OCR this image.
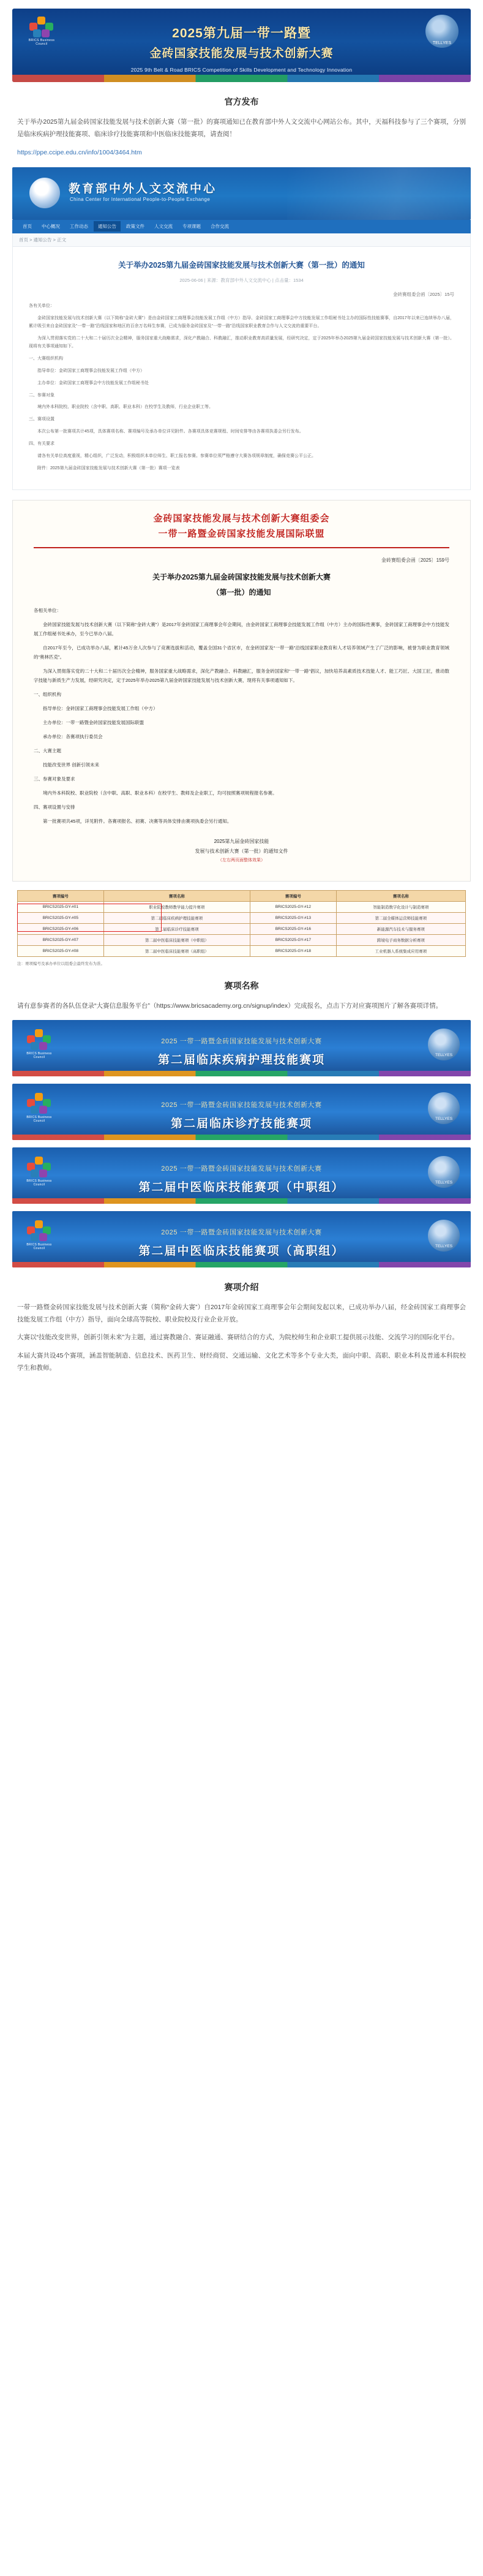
BRICS Business Council	TELLYES
2025第九届一带一路暨
金砖国家技能发展与技术创新大赛
2025 9th Belt & Road BRICS Competition of Skills Development and Technology Innovation
官方发布
关于举办2025第九届金砖国家技能发展与技术创新大赛（第一批）的赛项通知已在教育部中外人文交流中心网站公布。其中，天福科技参与了三个赛项，分别是临床疾病护理技能赛项、临床诊疗技能赛项和中医临床技能赛项，请查阅！
https://ppe.ccipe.edu.cn/info/1004/3464.htm
教育部中外人文交流中心
China Center for International People-to-People Exchange
首页	中心概况	工作动态	通知公告	政策文件	人文交流	专项课题	合作交流
首页 > 通知公告 > 正文
关于举办2025第九届金砖国家技能发展与技术创新大赛（第一批）的通知
2025-06-06 | 来源：教育部中外人文交流中心 | 点击量：1534
金砖赛组委会函〔2025〕15号

各有关单位：

金砖国家技能发展与技术创新大赛（以下简称“金砖大赛”）是由金砖国家工商理事会技能发展工作组（中方）指导、金砖国家工商理事会中方技能发展工作组秘书处主办的国际性技能赛事，自2017年以来已连续举办八届，累计吸引来自金砖国家及“一带一路”沿线国家和地区的百余万名师生参赛，已成为服务金砖国家及“一带一路”沿线国家职业教育合作与人文交流的重要平台。

为深入贯彻落实党的二十大和二十届历次全会精神，服务国家重大战略需求，深化产教融合、科教融汇，推动职业教育高质量发展，经研究决定，定于2025年举办2025第九届金砖国家技能发展与技术创新大赛（第一批）。现将有关事项通知如下。

一、大赛组织机构

指导单位：金砖国家工商理事会技能发展工作组（中方）

主办单位：金砖国家工商理事会中方技能发展工作组秘书处

二、参赛对象

境内外本科院校、职业院校（含中职、高职、职业本科）在校学生及教师，行业企业职工等。

三、赛项设置

本次公布第一批赛项共计45项，具体赛项名称、赛项编号及承办单位详见附件。各赛项具体竞赛规程、时间安排等由各赛项执委会另行发布。

四、有关要求

请各有关单位高度重视，精心组织，广泛发动，积极组织本单位师生、职工报名参赛。参赛单位须严格遵守大赛各项规章制度，确保竞赛公平公正。

附件：2025第九届金砖国家技能发展与技术创新大赛（第一批）赛项一览表

金砖国家技能发展与技术创新大赛组委会
一带一路暨金砖国家技能发展国际联盟
金砖赛组委会函〔2025〕159号
关于举办2025第九届金砖国家技能发展与技术创新大赛
（第一批）的通知

各相关单位：

金砖国家技能发展与技术创新大赛（以下简称“金砖大赛”）是2017年金砖国家工商理事会年会期间，由金砖国家工商理事会技能发展工作组（中方）主办的国际性赛事，金砖国家工商理事会中方技能发展工作组秘书处承办，至今已举办八届。

自2017年至今，已成功举办八届，累计45万余人次参与了竞赛选拔和活动，覆盖全国31个省区市，在金砖国家及“一带一路”沿线国家职业教育和人才培养领域产生了广泛的影响，被誉为职业教育领域的“奥林匹克”。

为深入贯彻落实党的二十大和二十届历次全会精神，服务国家重大战略需求，深化产教融合、科教融汇，服务金砖国家和“一带一路”倡议，加快培养高素质技术技能人才、能工巧匠、大国工匠，推动数字技能与新质生产力发展，经研究决定，定于2025年举办2025第九届金砖国家技能发展与技术创新大赛，现将有关事项通知如下。

一、组织机构

指导单位：金砖国家工商理事会技能发展工作组（中方）

主办单位：一带一路暨金砖国家技能发展国际联盟

承办单位：各赛项执行委员会

二、大赛主题

技能改变世界 创新引领未来

三、参赛对象及要求

境内外本科院校、职业院校（含中职、高职、职业本科）在校学生、教师及企业职工，均可按照赛项规程报名参赛。

四、赛项设置与安排

第一批赛项共45项，详见附件。各赛项报名、初赛、决赛等具体安排由赛项执委会另行通知。

2025第九届金砖国家技能
发展与技术创新大赛（第一批）的通知文件
（左右两页面整体效果）
赛项编号	赛项名称	赛项编号	赛项名称
BRICS2025-GY-#01	职业院校教师教学能力提升赛项	BRICS2025-GY-#12	智能制造数字化设计与制造赛项
BRICS2025-GY-#05	第二届临床疾病护理技能赛项	BRICS2025-GY-#13	第二届全媒体运营师技能赛项
BRICS2025-GY-#06	第二届临床诊疗技能赛项	BRICS2025-GY-#16	新能源汽车技术与服务赛项
BRICS2025-GY-#07	第二届中医临床技能赛项（中职组）	BRICS2025-GY-#17	跨境电子商务数据分析赛项
BRICS2025-GY-#08	第二届中医临床技能赛项（高职组）	BRICS2025-GY-#18	工业机器人系统集成应用赛项
注：赛项编号及承办单位以组委会最终发布为准。
赛项名称
请有意参赛者的各队伍登录“大赛信息服务平台”（https://www.bricsacademy.org.cn/signup/index）完成报名，点击下方对应赛项图片了解各赛项详情。
BRICS Business Council
TELLYES
2025 一带一路暨金砖国家技能发展与技术创新大赛
第二届临床疾病护理技能赛项
BRICS Business Council
TELLYES
2025 一带一路暨金砖国家技能发展与技术创新大赛
第二届临床诊疗技能赛项
BRICS Business Council
TELLYES
2025 一带一路暨金砖国家技能发展与技术创新大赛
第二届中医临床技能赛项（中职组）
BRICS Business Council
TELLYES
2025 一带一路暨金砖国家技能发展与技术创新大赛
第二届中医临床技能赛项（高职组）
赛项介绍
一带一路暨金砖国家技能发展与技术创新大赛（简称“金砖大赛”）自2017年金砖国家工商理事会年会期间发起以来，已成功举办八届，经金砖国家工商理事会技能发展工作组（中方）指导，面向全球高等院校、职业院校及行业企业开放。
大赛以“技能改变世界，创新引领未来”为主题，通过赛教融合、赛证融通、赛研结合的方式，为院校师生和企业职工提供展示技能、交流学习的国际化平台。
本届大赛共设45个赛项，涵盖智能制造、信息技术、医药卫生、财经商贸、交通运输、文化艺术等多个专业大类，面向中职、高职、职业本科及普通本科院校学生和教师。
